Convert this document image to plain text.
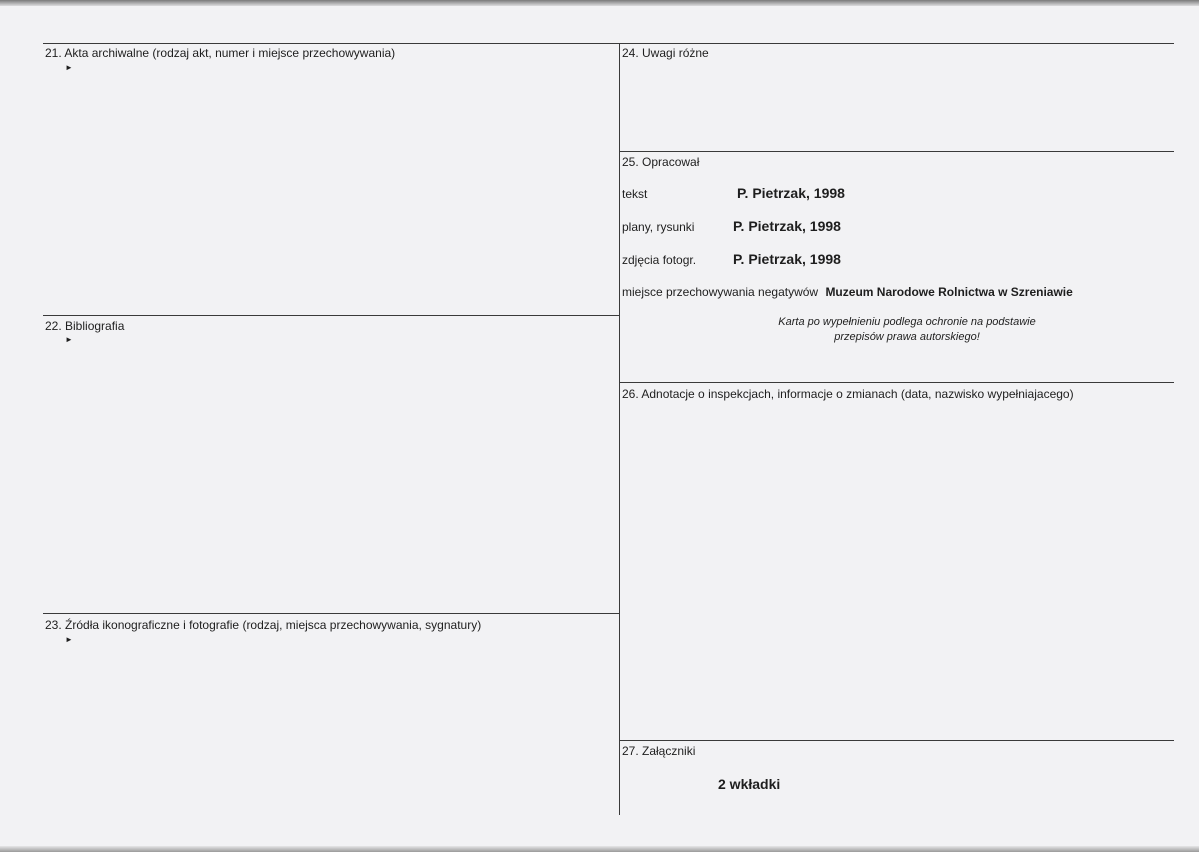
21. Akta archiwalne (rodzaj akt, numer i miejsce przechowywania)
►
22. Bibliografia
►
23. Źródła ikonograficzne i fotografie (rodzaj, miejsca przechowywania, sygnatury)
►
24. Uwagi różne
25. Opracował
tekst	P. Pietrzak, 1998
plany, rysunki	P. Pietrzak, 1998
zdjęcia fotogr.	P. Pietrzak, 1998
miejsce przechowywania negatywów Muzeum Narodowe Rolnictwa w Szreniawie
Karta po wypełnieniu podlega ochronie na podstawie
przepisów prawa autorskiego!
26. Adnotacje o inspekcjach, informacje o zmianach (data, nazwisko wypełniajacego)
27. Załączniki
2 wkładki
